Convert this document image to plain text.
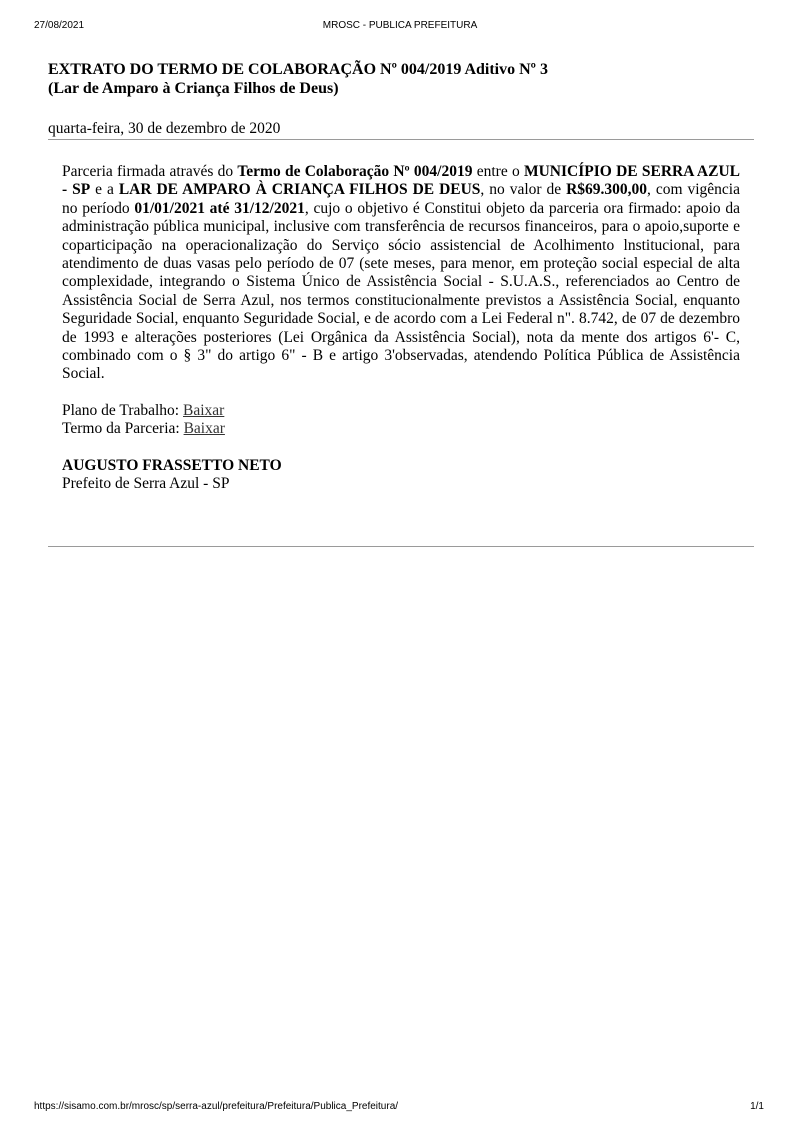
27/08/2021	MROSC - PUBLICA PREFEITURA
EXTRATO DO TERMO DE COLABORAÇÃO Nº 004/2019 Aditivo Nº 3
(Lar de Amparo à Criança Filhos de Deus)
quarta-feira, 30 de dezembro de 2020

Parceria firmada através do Termo de Colaboração Nº 004/2019 entre o MUNICÍPIO DE SERRA AZUL - SP e a LAR DE AMPARO À CRIANÇA FILHOS DE DEUS, no valor de R$69.300,00, com vigência no período 01/01/2021 até 31/12/2021, cujo o objetivo é Constitui objeto da parceria ora firmado: apoio da administração pública municipal, inclusive com transferência de recursos financeiros, para o apoio,suporte e coparticipação na operacionalização do Serviço sócio assistencial de Acolhimento lnstitucional, para atendimento de duas vasas pelo período de 07 (sete meses, para menor, em proteção social especial de alta complexidade, integrando o Sistema Único de Assistência Social - S.U.A.S., referenciados ao Centro de Assistência Social de Serra Azul, nos termos constitucionalmente previstos a Assistência Social, enquanto Seguridade Social, enquanto Seguridade Social, e de acordo com a Lei Federal n". 8.742, de 07 de dezembro de 1993 e alterações posteriores (Lei Orgânica da Assistência Social), nota da mente dos artigos 6'- C, combinado com o § 3" do artigo 6" - B e artigo 3'observadas, atendendo Política Pública de Assistência Social.

Plano de Trabalho: Baixar
Termo da Parceria: Baixar
AUGUSTO FRASSETTO NETO
Prefeito de Serra Azul - SP
https://sisamo.com.br/mrosc/sp/serra-azul/prefeitura/Prefeitura/Publica_Prefeitura/	1/1
